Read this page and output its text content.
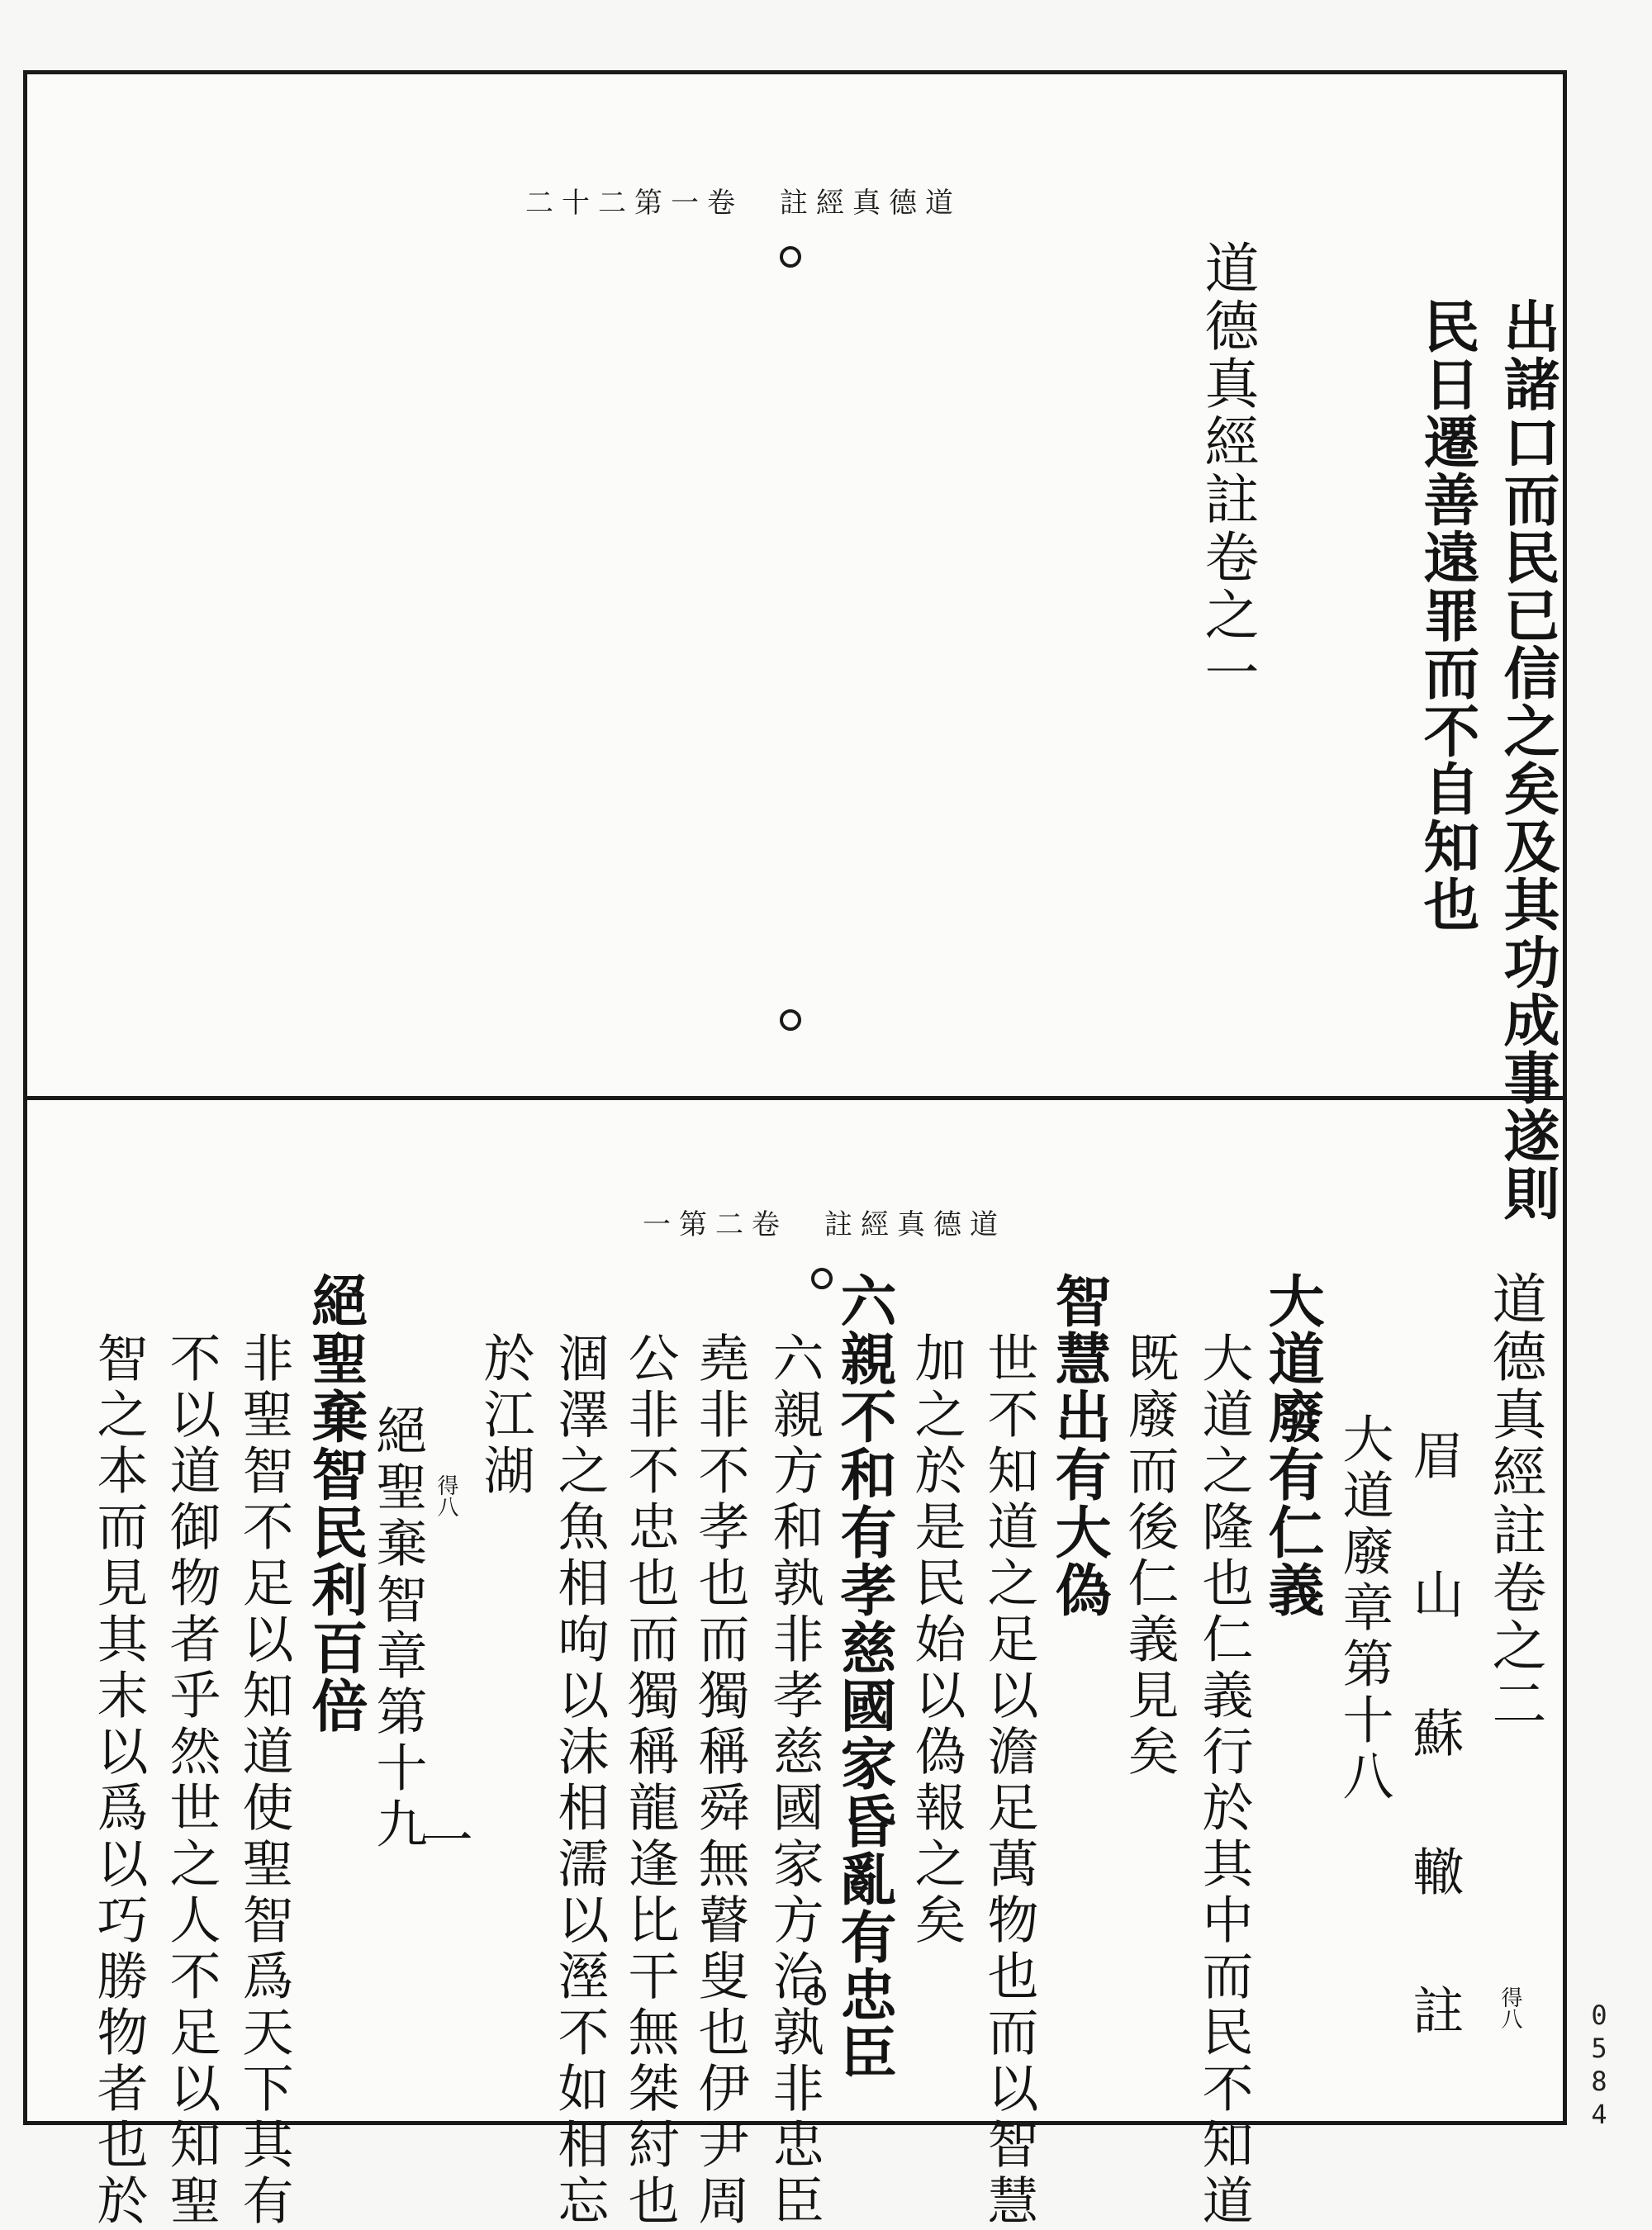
二十二第一卷　註經真德道
出諸口而民已信之矣及其功成事遂則
民日遷善遠罪而不自知也
道德真經註卷之一
一第二卷　註經真德道
道德真經註卷之二
得八
眉　山　蘇　轍　註
大道廢章第十八
大道廢有仁義
大道之隆也仁義行於其中而民不知道
既廢而後仁義見矣
智慧出有大偽
世不知道之足以澹足萬物也而以智慧
加之於是民始以偽報之矣
六親不和有孝慈國家昏亂有忠臣
六親方和孰非孝慈國家方治孰非忠臣
堯非不孝也而獨稱舜無瞽叟也伊尹周
公非不忠也而獨稱龍逢比干無桀紂也
涸澤之魚相呴以沫相濡以溼不如相忘
於江湖
得八
絕聖棄智章第十九
一
絕聖棄智民利百倍
非聖智不足以知道使聖智爲天下其有
不以道御物者乎然世之人不足以知聖
智之本而見其末以爲以巧勝物者也於	0
5
8
4
